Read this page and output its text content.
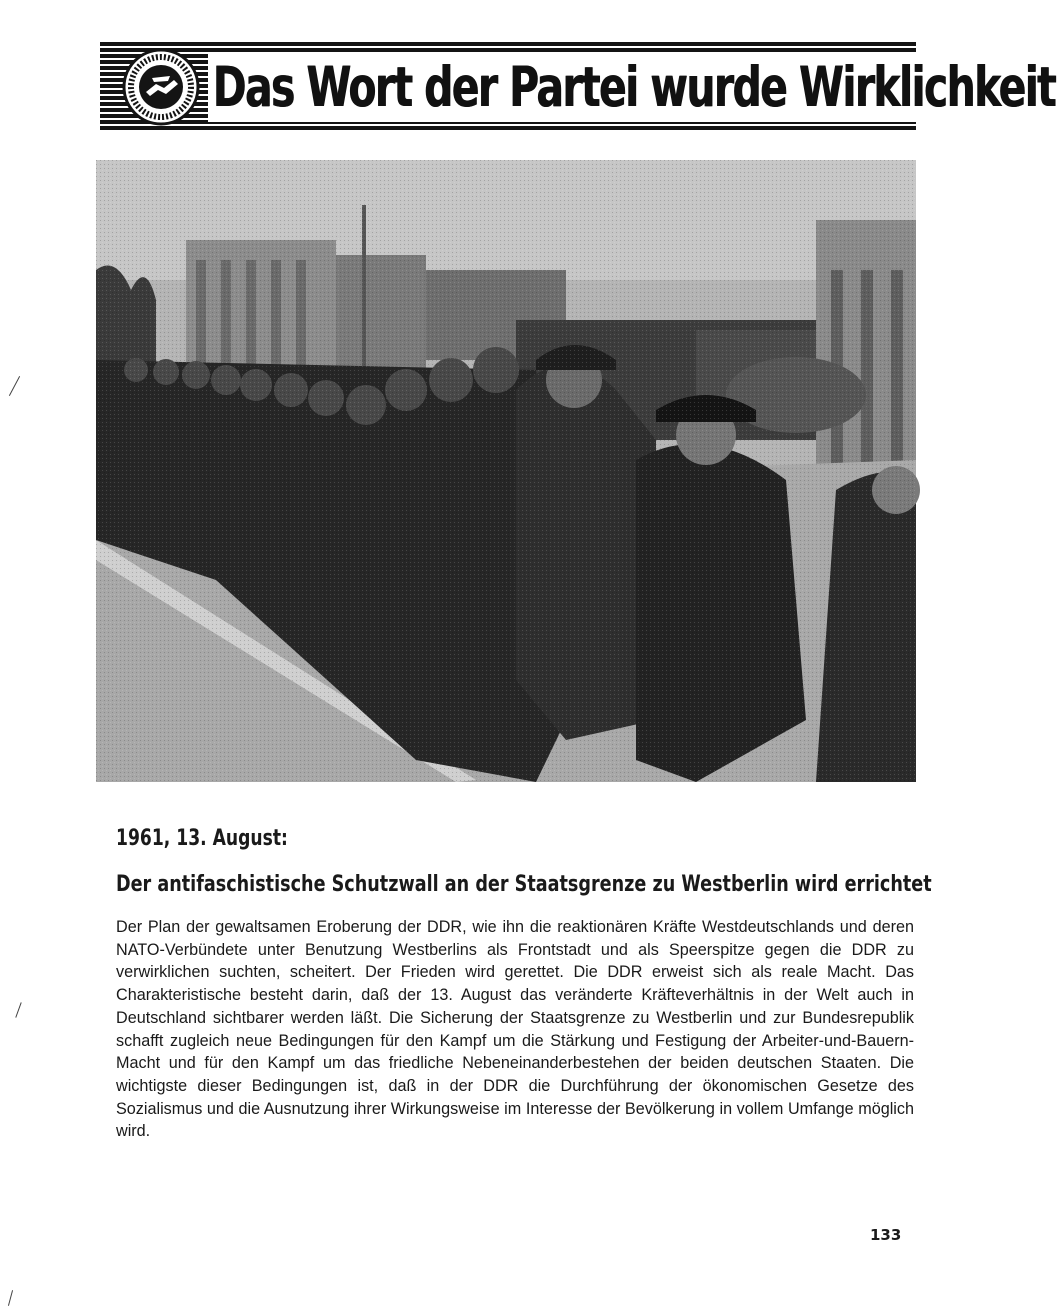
Das Wort der Partei wurde Wirklichkeit
1961, 13. August:
Der antifaschistische Schutzwall an der Staatsgrenze zu Westberlin wird errichtet

Der Plan der gewaltsamen Eroberung der DDR, wie ihn die reaktionären Kräfte Westdeutschlands und deren NATO-Verbündete unter Benutzung Westberlins als Frontstadt und als Speerspitze gegen die DDR zu verwirklichen suchten, scheitert. Der Frieden wird gerettet. Die DDR erweist sich als reale Macht. Das Charakteristische besteht darin, daß der 13. August das veränderte Kräfteverhältnis in der Welt auch in Deutschland sichtbarer werden läßt. Die Sicherung der Staatsgrenze zu Westberlin und zur Bundesrepublik schafft zugleich neue Bedingungen für den Kampf um die Stärkung und Festigung der Arbeiter-und-Bauern-Macht und für den Kampf um das friedliche Nebeneinanderbestehen der beiden deutschen Staaten. Die wichtigste dieser Bedingungen ist, daß in der DDR die Durchführung der ökonomischen Gesetze des Sozialismus und die Ausnutzung ihrer Wirkungsweise im Interesse der Bevölkerung in vollem Umfange möglich wird.

133
